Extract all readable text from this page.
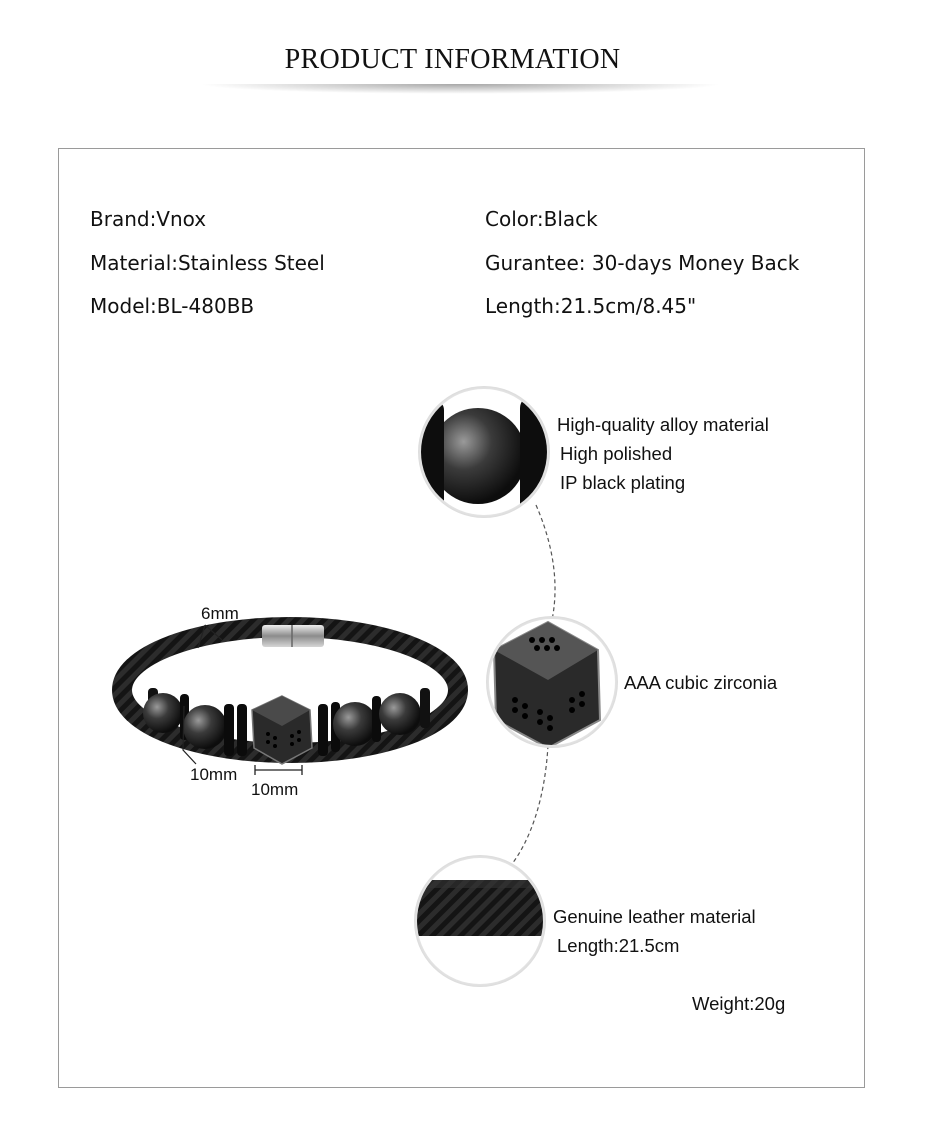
PRODUCT INFORMATION
Brand:Vnox
Material:Stainless Steel
Model:BL-480BB
Color:Black
Gurantee: 30-days Money Back
Length:21.5cm/8.45"
6mm
10mm
10mm
High-quality alloy material
High polished
IP black plating
AAA cubic zirconia
Genuine leather material
Length:21.5cm
Weight:20g
